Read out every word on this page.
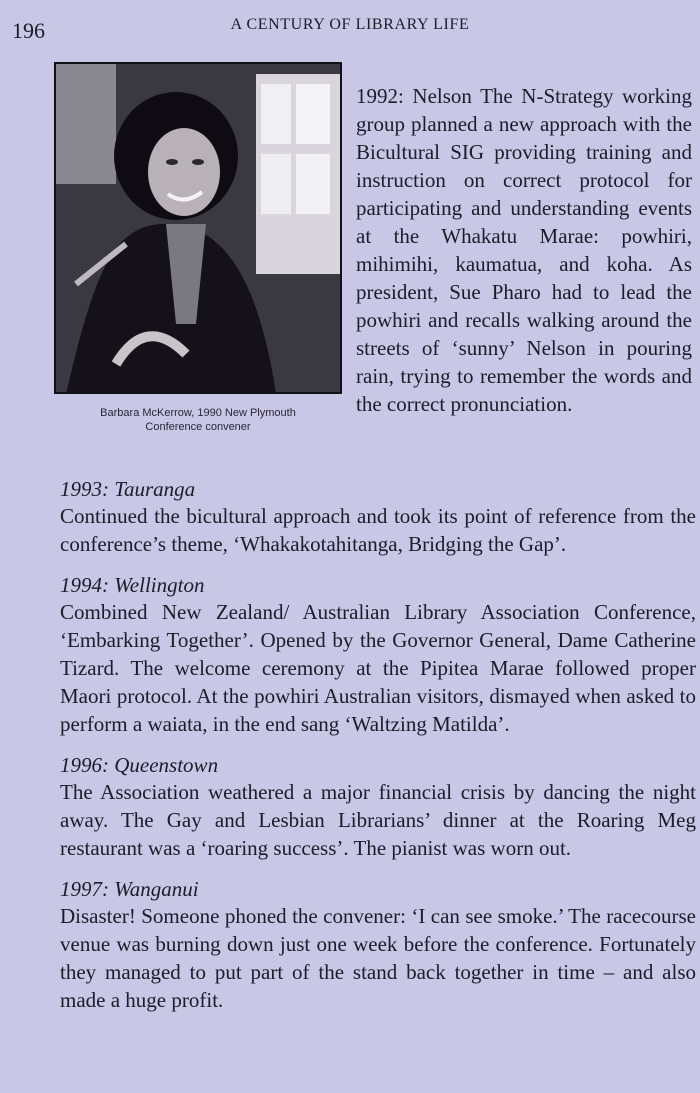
196	A CENTURY OF LIBRARY LIFE
Barbara McKerrow, 1990 New Plymouth
Conference convener
1992: Nelson The N-Strategy working group planned a new approach with the Bicultural SIG providing training and instruction on correct protocol for participating and understanding events at the Whakatu Marae: powhiri, mihimihi, kaumatua, and koha. As president, Sue Pharo had to lead the powhiri and recalls walking around the streets of ‘sunny’ Nelson in pouring rain, trying to remember the words and the correct pronunciation.
1993: Tauranga
Continued the bicultural approach and took its point of reference from the conference’s theme, ‘Whakakotahitanga, Bridging the Gap’.
1994: Wellington
Combined New Zealand/ Australian Library Association Conference, ‘Embarking Together’. Opened by the Governor General, Dame Catherine Tizard. The welcome ceremony at the Pipitea Marae followed proper Maori protocol. At the powhiri Australian visitors, dismayed when asked to perform a waiata, in the end sang ‘Waltzing Matilda’.
1996: Queenstown
The Association weathered a major financial crisis by dancing the night away. The Gay and Lesbian Librarians’ dinner at the Roaring Meg restaurant was a ‘roaring success’. The pianist was worn out.
1997: Wanganui
Disaster! Someone phoned the convener: ‘I can see smoke.’ The racecourse venue was burning down just one week before the conference. Fortunately they managed to put part of the stand back together in time – and also made a huge profit.
